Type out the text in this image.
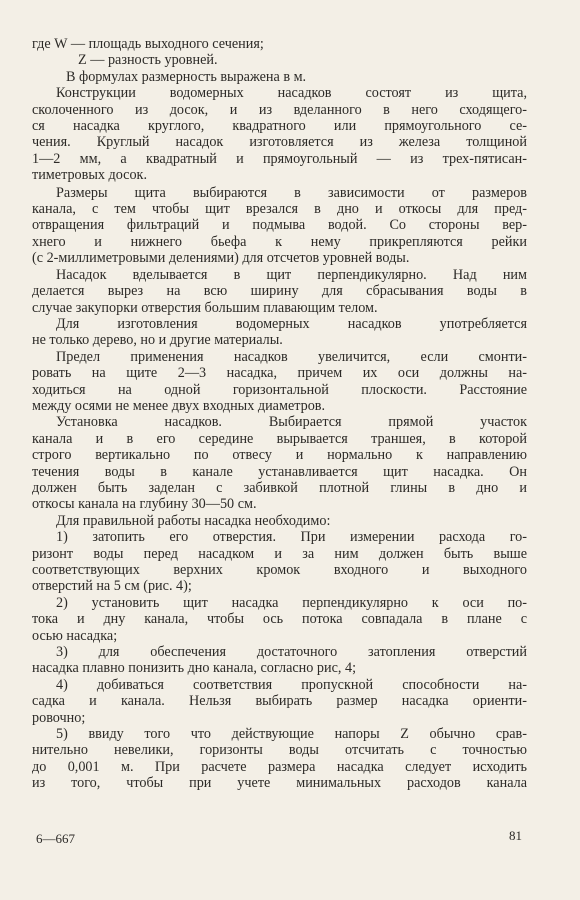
где W — площадь выходного сечения;
Z — разность уровней.
В формулах размерность выражена в м.
Конструкции водомерных насадков состоят из щита,
сколоченного из досок, и из вделанного в него сходящего-
ся насадка круглого, квадратного или прямоугольного се-
чения. Круглый насадок изготовляется из железа толщиной
1—2 мм, а квадратный и прямоугольный — из трех-пятисан-
тиметровых досок.
Размеры щита выбираются в зависимости от размеров
канала, с тем чтобы щит врезался в дно и откосы для пред-
отвращения фильтраций и подмыва водой. Со стороны вер-
хнего и нижнего бьефа к нему прикрепляются рейки
(с 2-миллиметровыми делениями) для отсчетов уровней воды.
Насадок вделывается в щит перпендикулярно. Над ним
делается вырез на всю ширину для сбрасывания воды в
случае закупорки отверстия большим плавающим телом.
Для изготовления водомерных насадков употребляется
не только дерево, но и другие материалы.
Предел применения насадков увеличится, если смонти-
ровать на щите 2—3 насадка, причем их оси должны на-
ходиться на одной горизонтальной плоскости. Расстояние
между осями не менее двух входных диаметров.
Установка насадков. Выбирается прямой участок
канала и в его середине вырывается траншея, в которой
строго вертикально по отвесу и нормально к направлению
течения воды в канале устанавливается щит насадка. Он
должен быть заделан с забивкой плотной глины в дно и
откосы канала на глубину 30—50 см.
Для правильной работы насадка необходимо:
1) затопить его отверстия. При измерении расхода го-
ризонт воды перед насадком и за ним должен быть выше
соответствующих верхних кромок входного и выходного
отверстий на 5 см (рис. 4);
2) установить щит насадка перпендикулярно к оси по-
тока и дну канала, чтобы ось потока совпадала в плане с
осью насадка;
3) для обеспечения достаточного затопления отверстий
насадка плавно понизить дно канала, согласно рис, 4;
4) добиваться соответствия пропускной способности на-
садка и канала. Нельзя выбирать размер насадка ориенти-
ровочно;
5) ввиду того что действующие напоры Z обычно срав-
нительно невелики, горизонты воды отсчитать с точностью
до 0,001 м. При расчете размера насадка следует исходить
из того, чтобы при учете минимальных расходов канала
6—667	81
